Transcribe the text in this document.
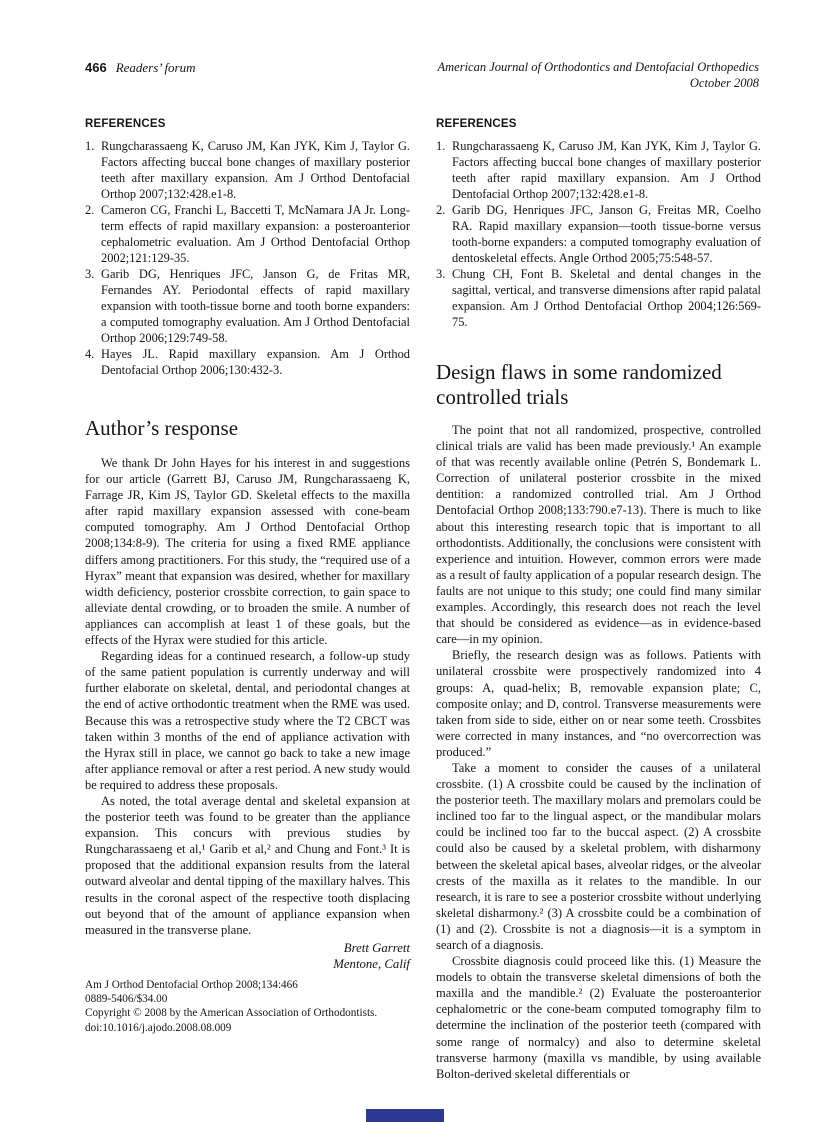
466 Readers’ forum	American Journal of Orthodontics and Dentofacial Orthopedics
October 2008
REFERENCES
Rungcharassaeng K, Caruso JM, Kan JYK, Kim J, Taylor G. Factors affecting buccal bone changes of maxillary posterior teeth after maxillary expansion. Am J Orthod Dentofacial Orthop 2007;132:428.e1-8.
Cameron CG, Franchi L, Baccetti T, McNamara JA Jr. Long-term effects of rapid maxillary expansion: a posteroanterior cephalometric evaluation. Am J Orthod Dentofacial Orthop 2002;121:129-35.
Garib DG, Henriques JFC, Janson G, de Fritas MR, Fernandes AY. Periodontal effects of rapid maxillary expansion with tooth-tissue borne and tooth borne expanders: a computed tomography evaluation. Am J Orthod Dentofacial Orthop 2006;129:749-58.
Hayes JL. Rapid maxillary expansion. Am J Orthod Dentofacial Orthop 2006;130:432-3.
Author’s response

We thank Dr John Hayes for his interest in and suggestions for our article (Garrett BJ, Caruso JM, Rungcharassaeng K, Farrage JR, Kim JS, Taylor GD. Skeletal effects to the maxilla after rapid maxillary expansion assessed with cone-beam computed tomography. Am J Orthod Dentofacial Orthop 2008;134:8-9). The criteria for using a fixed RME appliance differs among practitioners. For this study, the “required use of a Hyrax” meant that expansion was desired, whether for maxillary width deficiency, posterior crossbite correction, to gain space to alleviate dental crowding, or to broaden the smile. A number of appliances can accomplish at least 1 of these goals, but the effects of the Hyrax were studied for this article.

Regarding ideas for a continued research, a follow-up study of the same patient population is currently underway and will further elaborate on skeletal, dental, and periodontal changes at the end of active orthodontic treatment when the RME was used. Because this was a retrospective study where the T2 CBCT was taken within 3 months of the end of appliance activation with the Hyrax still in place, we cannot go back to take a new image after appliance removal or after a rest period. A new study would be required to address these proposals.

As noted, the total average dental and skeletal expansion at the posterior teeth was found to be greater than the appliance expansion. This concurs with previous studies by Rungcharassaeng et al,¹ Garib et al,² and Chung and Font.³ It is proposed that the additional expansion results from the lateral outward alveolar and dental tipping of the maxillary halves. This results in the coronal aspect of the respective tooth displacing out beyond that of the amount of appliance expansion when measured in the transverse plane.

Brett Garrett
Mentone, Calif
Am J Orthod Dentofacial Orthop 2008;134:466
0889-5406/$34.00
Copyright © 2008 by the American Association of Orthodontists.
doi:10.1016/j.ajodo.2008.08.009
REFERENCES
Rungcharassaeng K, Caruso JM, Kan JYK, Kim J, Taylor G. Factors affecting buccal bone changes of maxillary posterior teeth after rapid maxillary expansion. Am J Orthod Dentofacial Orthop 2007;132:428.e1-8.
Garib DG, Henriques JFC, Janson G, Freitas MR, Coelho RA. Rapid maxillary expansion—tooth tissue-borne versus tooth-borne expanders: a computed tomography evaluation of dentoskeletal effects. Angle Orthod 2005;75:548-57.
Chung CH, Font B. Skeletal and dental changes in the sagittal, vertical, and transverse dimensions after rapid palatal expansion. Am J Orthod Dentofacial Orthop 2004;126:569-75.
Design flaws in some randomized controlled trials

The point that not all randomized, prospective, controlled clinical trials are valid has been made previously.¹ An example of that was recently available online (Petrén S, Bondemark L. Correction of unilateral posterior crossbite in the mixed dentition: a randomized controlled trial. Am J Orthod Dentofacial Orthop 2008;133:790.e7-13). There is much to like about this interesting research topic that is important to all orthodontists. Additionally, the conclusions were consistent with experience and intuition. However, common errors were made as a result of faulty application of a popular research design. The faults are not unique to this study; one could find many similar examples. Accordingly, this research does not reach the level that should be considered as evidence—as in evidence-based care—in my opinion.

Briefly, the research design was as follows. Patients with unilateral crossbite were prospectively randomized into 4 groups: A, quad-helix; B, removable expansion plate; C, composite onlay; and D, control. Transverse measurements were taken from side to side, either on or near some teeth. Crossbites were corrected in many instances, and “no overcorrection was produced.”

Take a moment to consider the causes of a unilateral crossbite. (1) A crossbite could be caused by the inclination of the posterior teeth. The maxillary molars and premolars could be inclined too far to the lingual aspect, or the mandibular molars could be inclined too far to the buccal aspect. (2) A crossbite could also be caused by a skeletal problem, with disharmony between the skeletal apical bases, alveolar ridges, or the alveolar crests of the maxilla as it relates to the mandible. In our research, it is rare to see a posterior crossbite without underlying skeletal disharmony.² (3) A crossbite could be a combination of (1) and (2). Crossbite is not a diagnosis—it is a symptom in search of a diagnosis.

Crossbite diagnosis could proceed like this. (1) Measure the models to obtain the transverse skeletal dimensions of both the maxilla and the mandible.² (2) Evaluate the posteroanterior cephalometric or the cone-beam computed tomography film to determine the inclination of the posterior teeth (compared with some range of normalcy) and also to determine skeletal transverse harmony (maxilla vs mandible, by using available Bolton-derived skeletal differentials or
